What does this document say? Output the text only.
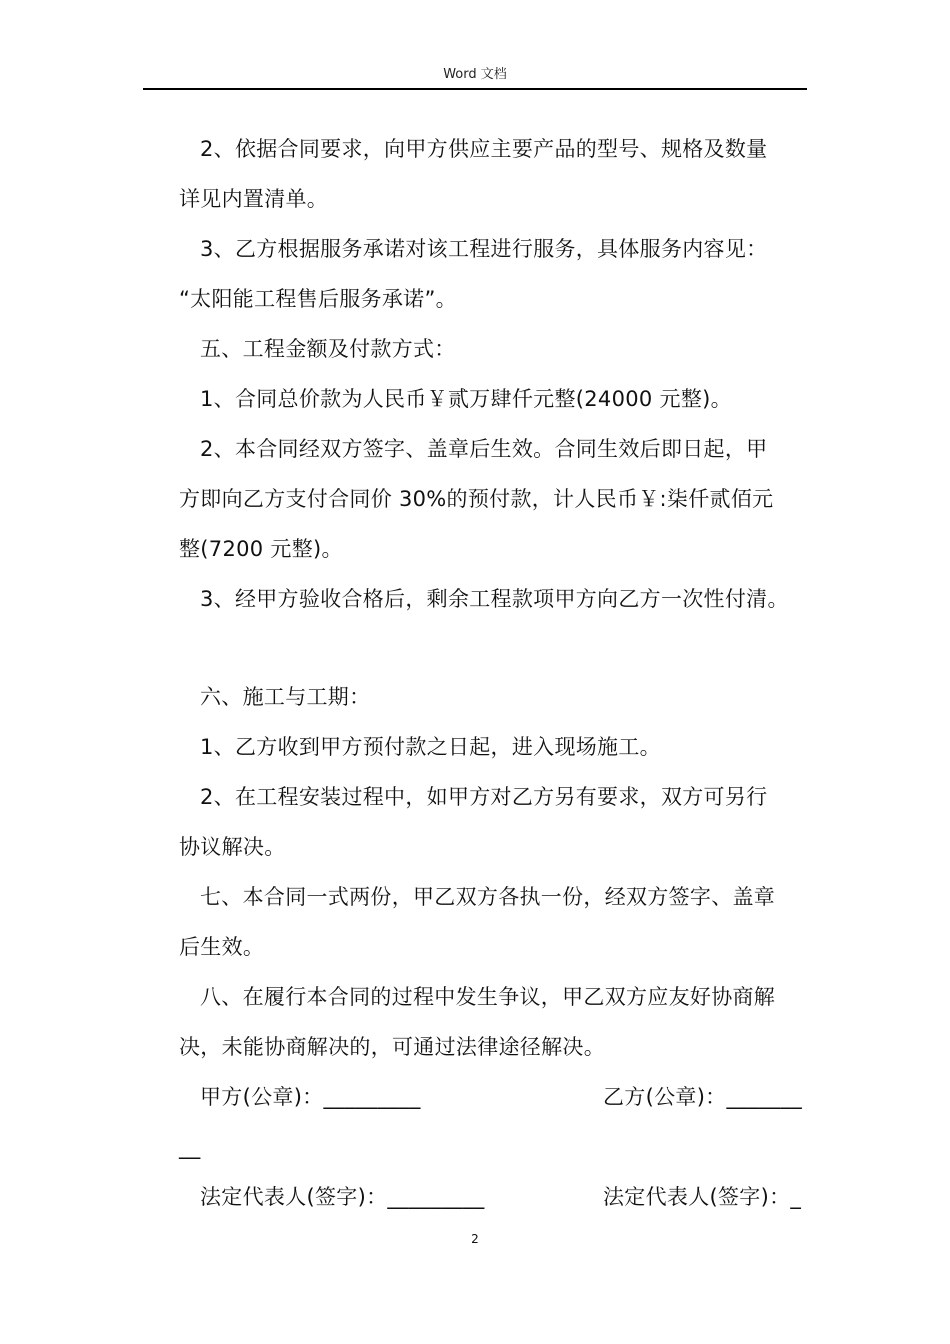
Word 文档
2、依据合同要求，向甲方供应主要产品的型号、规格及数量
详见内置清单。
3、乙方根据服务承诺对该工程进行服务，具体服务内容见：
“太阳能工程售后服务承诺”。
五、工程金额及付款方式：
1、合同总价款为人民币￥贰万肆仟元整(24000 元整)。
2、本合同经双方签字、盖章后生效。合同生效后即日起，甲
方即向乙方支付合同价 30%的预付款，计人民币￥:柒仟贰佰元
整(7200 元整)。
3、经甲方验收合格后，剩余工程款项甲方向乙方一次性付清。
六、施工与工期：
1、乙方收到甲方预付款之日起，进入现场施工。
2、在工程安装过程中，如甲方对乙方另有要求，双方可另行
协议解决。
七、本合同一式两份，甲乙双方各执一份，经双方签字、盖章
后生效。
八、在履行本合同的过程中发生争议，甲乙双方应友好协商解
决，未能协商解决的，可通过法律途径解决。
甲方(公章)：_________	乙方(公章)：_______
__
法定代表人(签字)：_________	法定代表人(签字)：_
2
